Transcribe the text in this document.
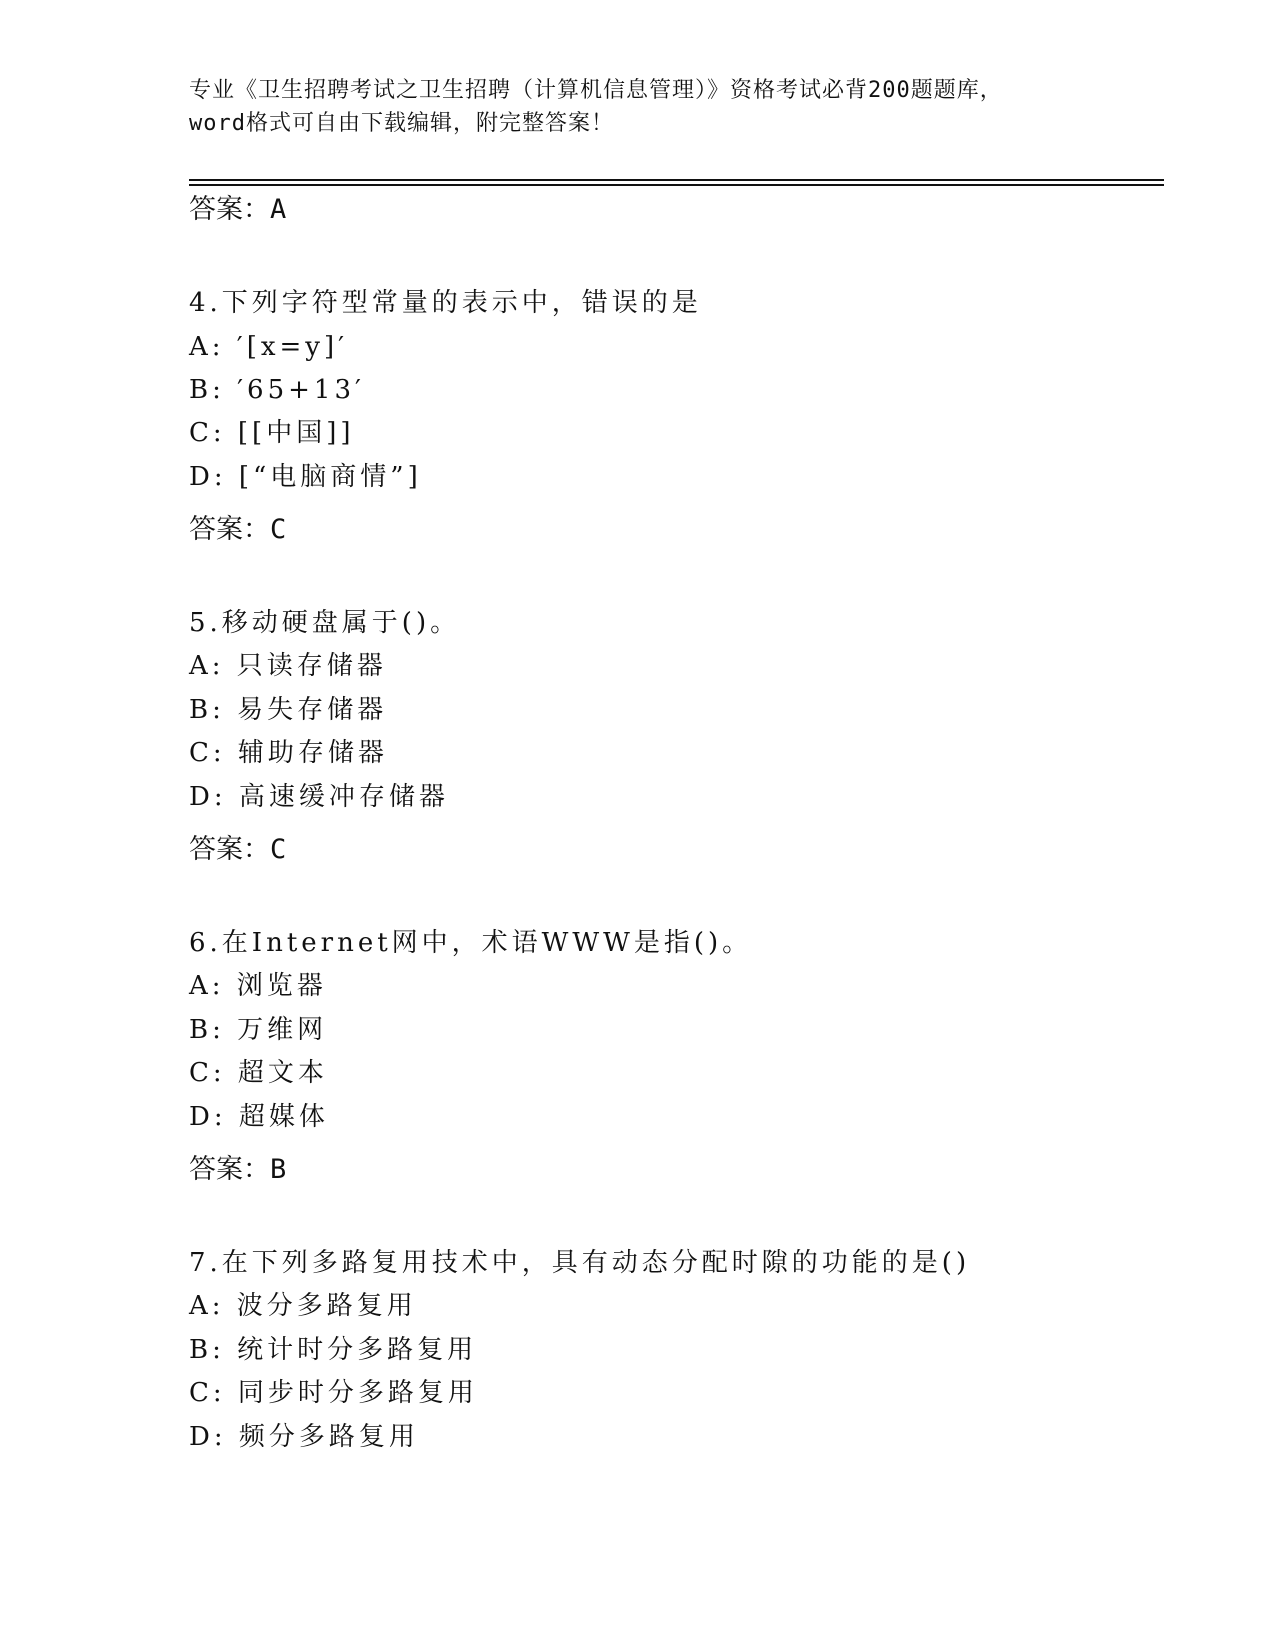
专业《卫生招聘考试之卫生招聘（计算机信息管理）》资格考试必背200题题库，
word格式可自由下载编辑，附完整答案！
答案：A
4.下列字符型常量的表示中，错误的是
A: ′[x=y]′
B: ′65+13′
C: [[中国]]
D: [“电脑商情”]
答案：C
5.移动硬盘属于()。
A: 只读存储器
B: 易失存储器
C: 辅助存储器
D: 高速缓冲存储器
答案：C
6.在Internet网中，术语WWW是指()。
A: 浏览器
B: 万维网
C: 超文本
D: 超媒体
答案：B
7.在下列多路复用技术中，具有动态分配时隙的功能的是()
A: 波分多路复用
B: 统计时分多路复用
C: 同步时分多路复用
D: 频分多路复用
